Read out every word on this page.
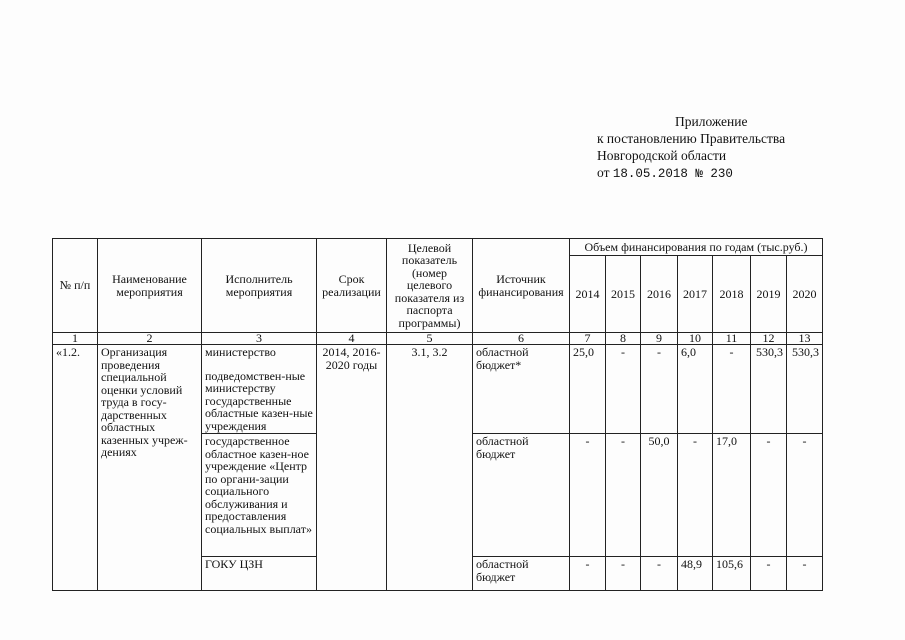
Приложение
к постановлению Правительства
Новгородской области
от 18.05.2018 № 230
№ п/п	Наименование мероприятия	Исполнитель мероприятия	Срок реализации	Целевой показатель (номер целевого показателя из паспорта программы)	Источник финансирования	Объем финансирования по годам (тыс.руб.)						
						2014	2015	2016	2017	2018	2019	2020
1	2	3	4	5	6	7	8	9	10	11	12	13
«1.2.	Организация проведения специальной оценки условий труда в госу-дарственных областных казенных учреж-дениях	министерство
подведомствен-ные министерству государственные областные казен-ные учреждения	2014, 2016-2020 годы	3.1, 3.2	областной бюджет*	25,0	-	-	6,0	-	530,3	530,3
		государственное областное казен-ное учреждение «Центр по органи-зации социального обслуживания и предоставления социальных выплат»			областной бюджет	-	-	50,0	-	17,0	-	-
		ГОКУ ЦЗН			областной бюджет	-	-	-	48,9	105,6	-	-
